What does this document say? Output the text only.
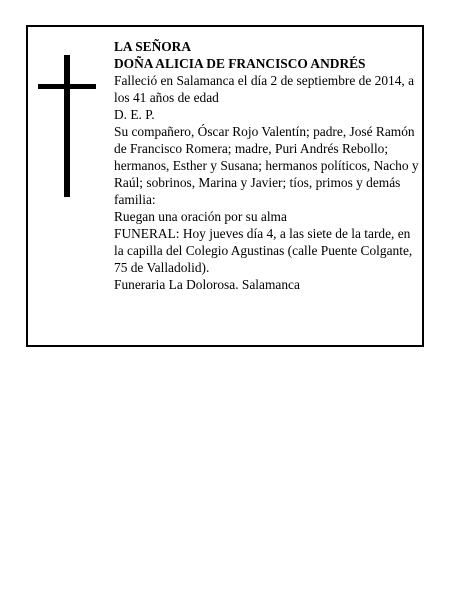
LA SEÑORA

DOÑA ALICIA DE FRANCISCO ANDRÉS

Falleció en Salamanca el día 2 de septiembre de 2014, a los 41 años de edad

D. E. P.

Su compañero, Óscar Rojo Valentín; padre, José Ramón de Francisco Romera; madre, Puri Andrés Rebollo; hermanos, Esther y Susana; hermanos políticos, Nacho y Raúl; sobrinos, Marina y Javier; tíos, primos y demás familia:

Ruegan una oración por su alma

FUNERAL: Hoy jueves día 4, a las siete de la tarde, en la capilla del Colegio Agustinas (calle Puente Colgante, 75 de Valladolid).

Funeraria La Dolorosa. Salamanca
